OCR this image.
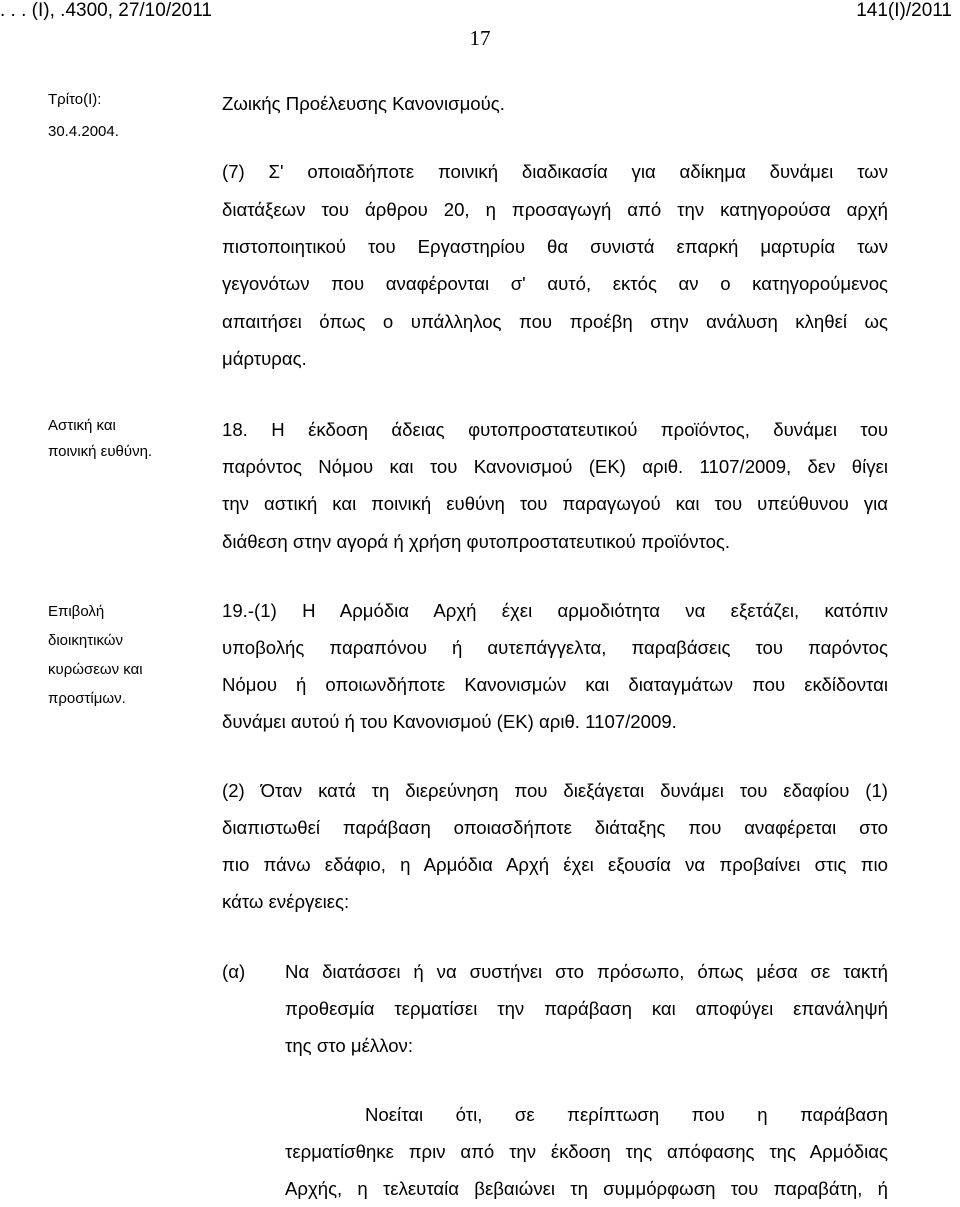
. . . (Ι), .4300, 27/10/2011	141(Ι)/2011
17
Τρίτο(Ι):
30.4.2004.
Ζωικής Προέλευσης Κανονισμούς.
(7) Σ' οποιαδήποτε ποινική διαδικασία για αδίκημα δυνάμει των
διατάξεων του άρθρου 20, η προσαγωγή από την κατηγορούσα αρχή
πιστοποιητικού του Εργαστηρίου θα συνιστά επαρκή μαρτυρία των
γεγονότων που αναφέρονται σ' αυτό, εκτός αν ο κατηγορούμενος
απαιτήσει όπως ο υπάλληλος που προέβη στην ανάλυση κληθεί ως
μάρτυρας.
Αστική και
ποινική ευθύνη.
18. Η έκδοση άδειας φυτοπροστατευτικού προϊόντος, δυνάμει του
παρόντος Νόμου και του Κανονισμού (ΕΚ) αριθ. 1107/2009, δεν θίγει
την αστική και ποινική ευθύνη του παραγωγού και του υπεύθυνου για
διάθεση στην αγορά ή χρήση φυτοπροστατευτικού προϊόντος.
Επιβολή
διοικητικών
κυρώσεων και
προστίμων.
19.-(1) Η Αρμόδια Αρχή έχει αρμοδιότητα να εξετάζει, κατόπιν
υποβολής παραπόνου ή αυτεπάγγελτα, παραβάσεις του παρόντος
Νόμου ή οποιωνδήποτε Κανονισμών και διαταγμάτων που εκδίδονται
δυνάμει αυτού ή του Κανονισμού (ΕΚ) αριθ. 1107/2009.
(2) Όταν κατά τη διερεύνηση που διεξάγεται δυνάμει του εδαφίου (1)
διαπιστωθεί παράβαση οποιασδήποτε διάταξης που αναφέρεται στο
πιο πάνω εδάφιο, η Αρμόδια Αρχή έχει εξουσία να προβαίνει στις πιο
κάτω ενέργειες:
(α) Να διατάσσει ή να συστήνει στο πρόσωπο, όπως μέσα σε τακτή
προθεσμία τερματίσει την παράβαση και αποφύγει επανάληψή
της στο μέλλον:
Νοείται ότι, σε περίπτωση που η παράβαση
τερματίσθηκε πριν από την έκδοση της απόφασης της Αρμόδιας
Αρχής, η τελευταία βεβαιώνει τη συμμόρφωση του παραβάτη, ή
